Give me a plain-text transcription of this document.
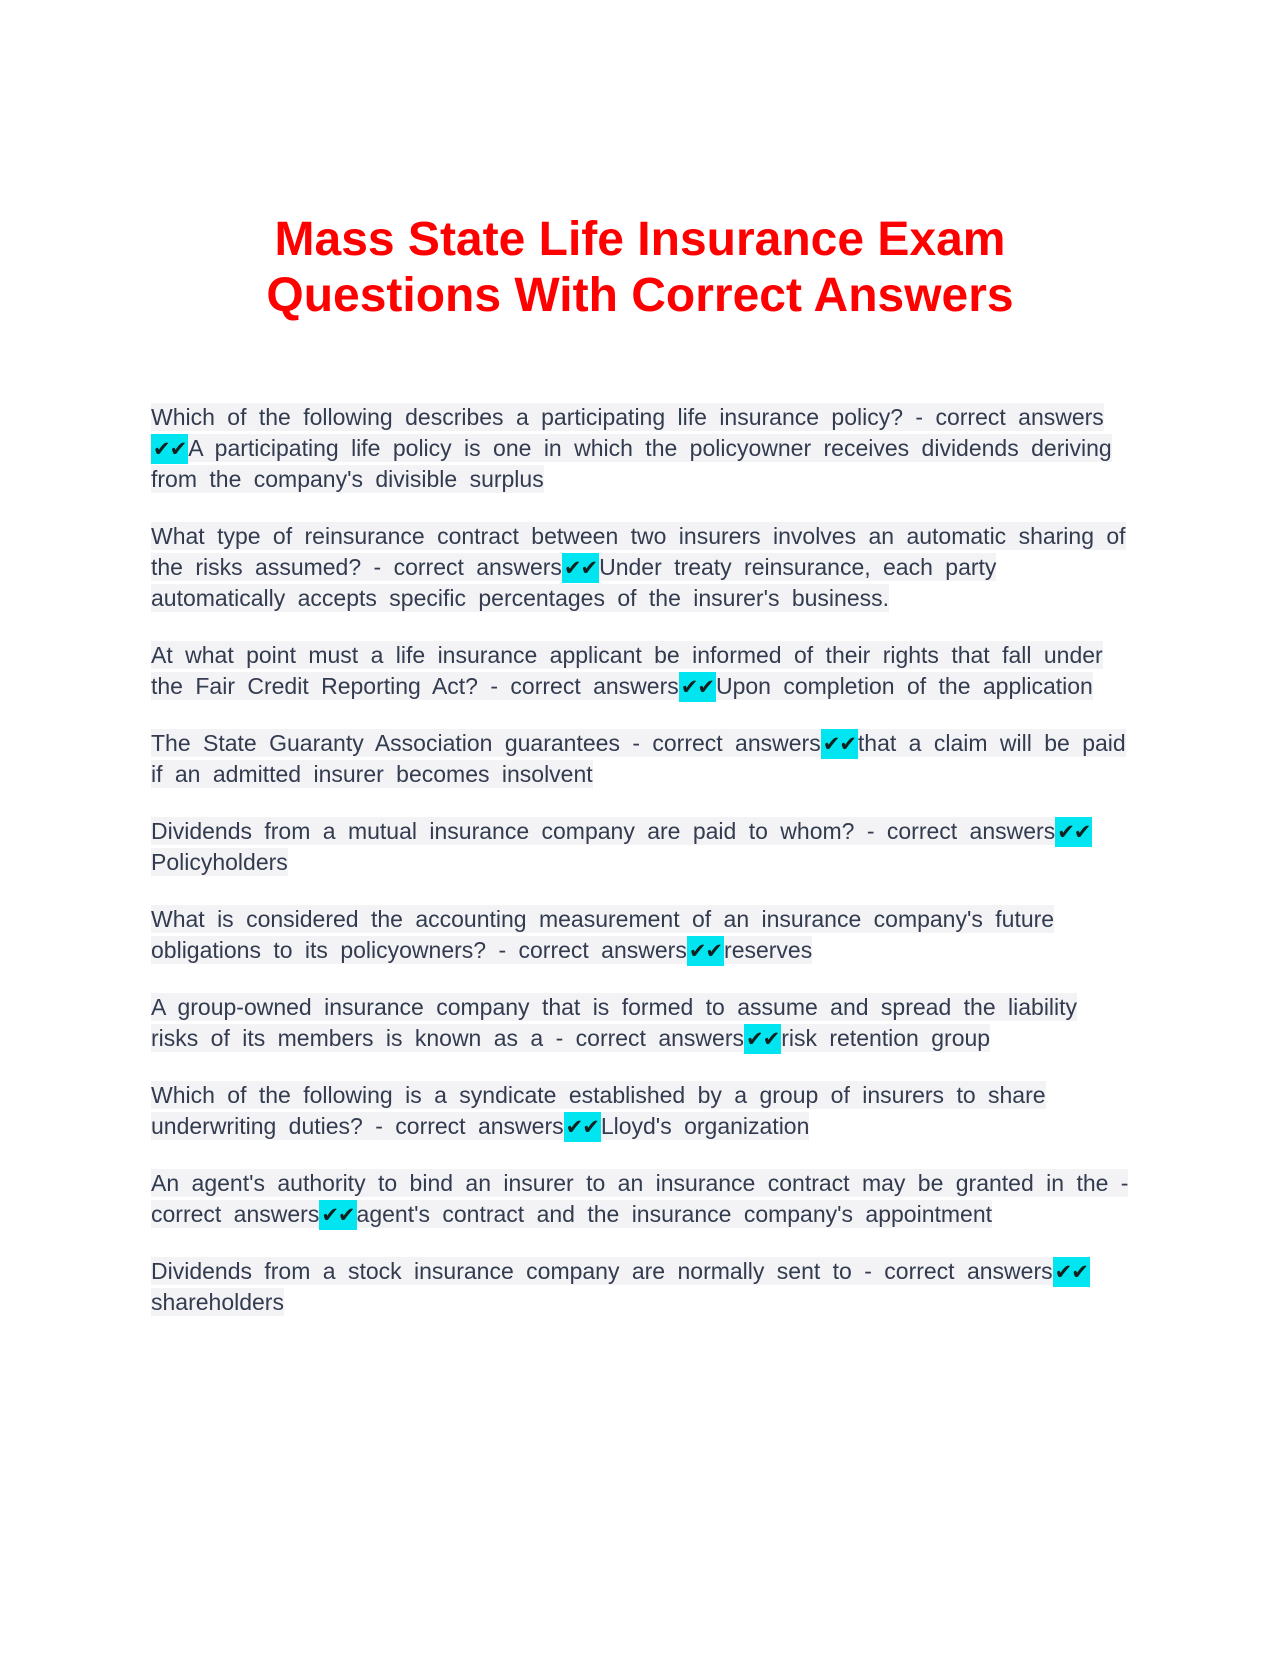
Mass State Life Insurance Exam
Questions With Correct Answers

Which of the following describes a participating life insurance policy? - correct answers✔✔A participating life policy is one in which the policyowner receives dividends deriving from the company's divisible surplus

What type of reinsurance contract between two insurers involves an automatic sharing of the risks assumed? - correct answers✔✔Under treaty reinsurance, each party automatically accepts specific percentages of the insurer's business.

At what point must a life insurance applicant be informed of their rights that fall under the Fair Credit Reporting Act? - correct answers✔✔Upon completion of the application

The State Guaranty Association guarantees - correct answers✔✔that a claim will be paid if an admitted insurer becomes insolvent

Dividends from a mutual insurance company are paid to whom? - correct answers✔✔Policyholders

What is considered the accounting measurement of an insurance company's future obligations to its policyowners? - correct answers✔✔reserves

A group-owned insurance company that is formed to assume and spread the liability risks of its members is known as a - correct answers✔✔risk retention group

Which of the following is a syndicate established by a group of insurers to share underwriting duties? - correct answers✔✔Lloyd's organization

An agent's authority to bind an insurer to an insurance contract may be granted in the - correct answers✔✔agent's contract and the insurance company's appointment

Dividends from a stock insurance company are normally sent to - correct answers✔✔shareholders
